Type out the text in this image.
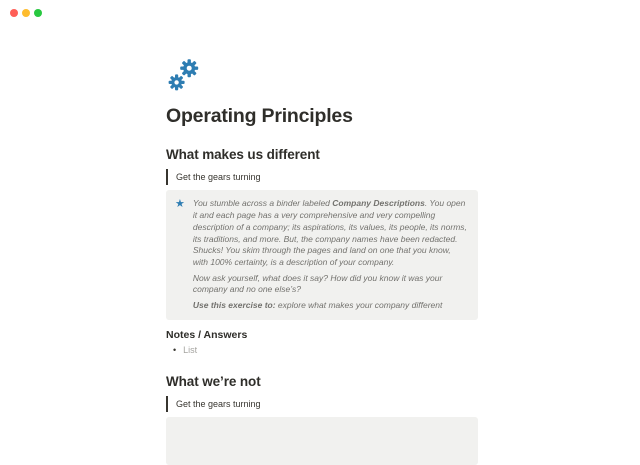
Operating Principles
What makes us different
Get the gears turning
★ You stumble across a binder labeled Company Descriptions. You open it and each page has a very comprehensive and very compelling description of a company; its aspirations, its values, its people, its norms, its traditions, and more. But, the company names have been redacted. Shucks! You skim through the pages and land on one that you know, with 100% certainty, is a description of your company.

Now ask yourself, what does it say? How did you know it was your company and no one else’s?

Use this exercise to: explore what makes your company different

Notes / Answers
• List
What we’re not
Get the gears turning
